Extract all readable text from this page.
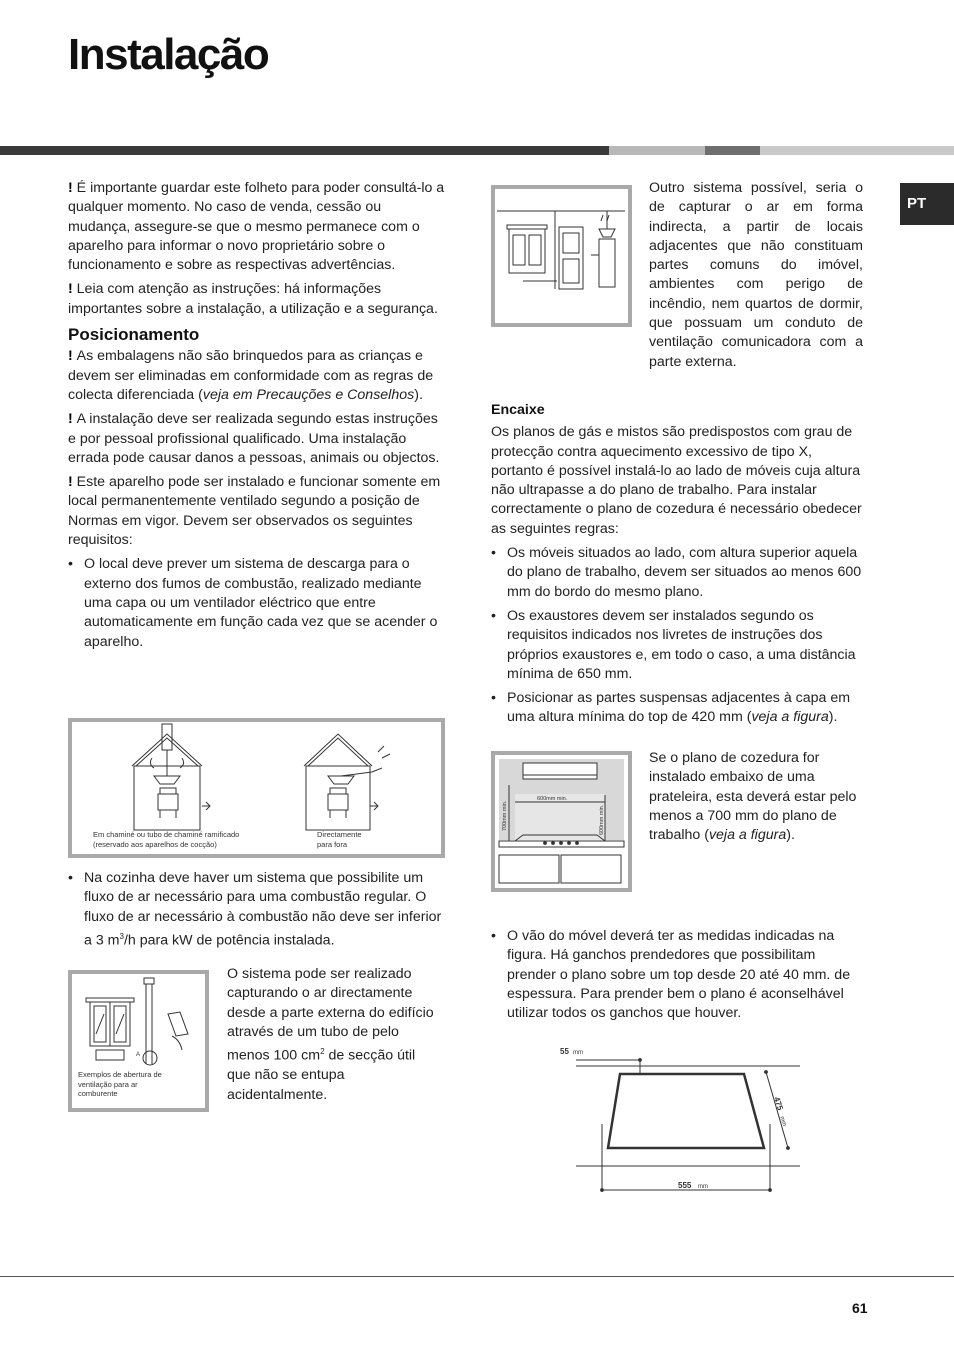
Instalação
PT

! É importante guardar este folheto para poder consultá-lo a qualquer momento. No caso de venda, cessão ou mudança, assegure-se que o mesmo permanece com o aparelho para informar o novo proprietário sobre o funcionamento e sobre as respectivas advertências.

! Leia com atenção as instruções: há informações importantes sobre a instalação, a utilização e a segurança.

Posicionamento

! As embalagens não são brinquedos para as crianças e devem ser eliminadas em conformidade com as regras de colecta diferenciada (veja em Precauções e Conselhos).

! A instalação deve ser realizada segundo estas instruções e por pessoal profissional qualificado. Uma instalação errada pode causar danos a pessoas, animais ou objectos.

! Este aparelho pode ser instalado e funcionar somente em local permanentemente ventilado segundo a posição de Normas em vigor. Devem ser observados os seguintes requisitos:

• O local deve prever um sistema de descarga para o externo dos fumos de combustão, realizado mediante uma capa ou um ventilador eléctrico que entre automaticamente em função cada vez que se acender o aparelho.
Em chaminé ou tubo de chaminé ramificado (reservado aos aparelhos de cocção)
Directamente para fora
• Na cozinha deve haver um sistema que possibilite um fluxo de ar necessário para uma combustão regular. O fluxo de ar necessário à combustão não deve ser inferior a 3 $m^3/h$ para kW de potência instalada.
A
Exemplos de abertura de ventilação para ar comburente
O sistema pode ser realizado capturando o ar directamente desde a parte externa do edifício através de um tubo de pelo menos 100 $cm^2$ de secção útil que não se entupa acidentalmente.
Outro sistema possível, seria o de capturar o ar em forma indirecta, a partir de locais adjacentes que não constituam partes comuns do imóvel, ambientes com perigo de incêndio, nem quartos de dormir, que possuam um conduto de ventilação comunicadora com a parte externa.
Encaixe

Os planos de gás e mistos são predispostos com grau de protecção contra aquecimento excessivo de tipo X, portanto é possível instalá-lo ao lado de móveis cuja altura não ultrapasse a do plano de trabalho. Para instalar correctamente o plano de cozedura é necessário obedecer as seguintes regras:

• Os móveis situados ao lado, com altura superior aquela do plano de trabalho, devem ser situados ao menos 600 mm do bordo do mesmo plano.
• Os exaustores devem ser instalados segundo os requisitos indicados nos livretes de instruções dos próprios exaustores e, em todo o caso, a uma distância mínima de 650 mm.
• Posicionar as partes suspensas adjacentes à capa em uma altura mínima do top de 420 mm (veja a figura).
600mm min.
700mm min.	600mm min.
Se o plano de cozedura for instalado embaixo de uma prateleira, esta deverá estar pelo menos a 700 mm do plano de trabalho (veja a figura).
• O vão do móvel deverá ter as medidas indicadas na figura. Há ganchos prendedores que possibilitam prender o plano sobre um top desde 20 até 40 mm. de espessura. Para prender bem o plano é aconselhável utilizar todos os ganchos que houver.
55 mm
555 mm
475
mm
61
